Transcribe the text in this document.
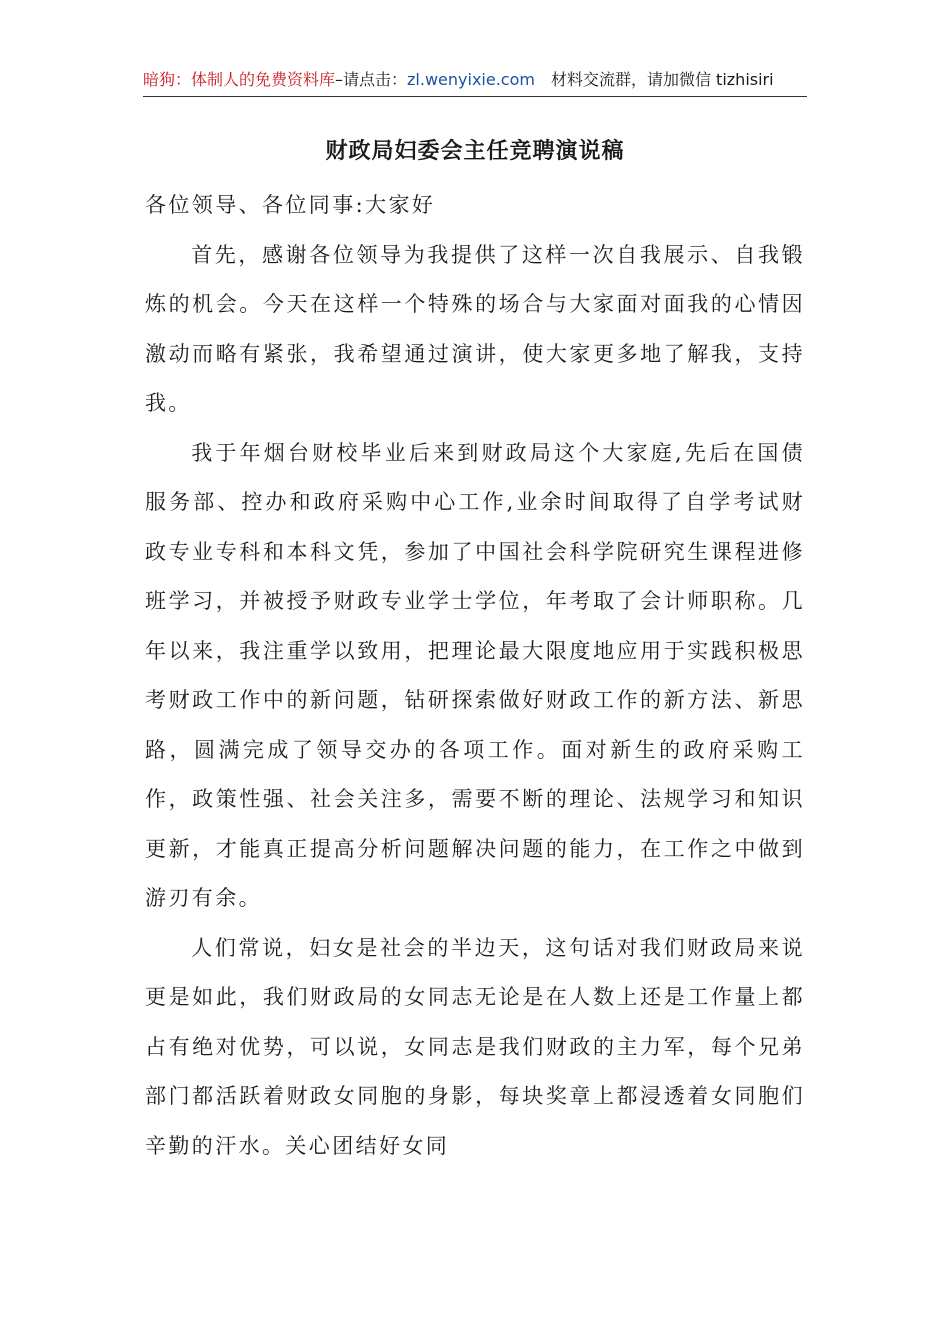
暗狗：体制人的免费资料库–请点击：zl.wenyixie.com 材料交流群，请加微信 tizhisiri
财政局妇委会主任竞聘演说稿

各位领导、各位同事:大家好

首先，感谢各位领导为我提供了这样一次自我展示、自我锻炼的机会。今天在这样一个特殊的场合与大家面对面我的心情因激动而略有紧张，我希望通过演讲，使大家更多地了解我，支持我。

我于年烟台财校毕业后来到财政局这个大家庭,先后在国债服务部、控办和政府采购中心工作,业余时间取得了自学考试财政专业专科和本科文凭，参加了中国社会科学院研究生课程进修班学习，并被授予财政专业学士学位，年考取了会计师职称。几年以来，我注重学以致用，把理论最大限度地应用于实践积极思考财政工作中的新问题，钻研探索做好财政工作的新方法、新思路，圆满完成了领导交办的各项工作。面对新生的政府采购工作，政策性强、社会关注多，需要不断的理论、法规学习和知识更新，才能真正提高分析问题解决问题的能力，在工作之中做到游刃有余。

人们常说，妇女是社会的半边天，这句话对我们财政局来说更是如此，我们财政局的女同志无论是在人数上还是工作量上都占有绝对优势，可以说，女同志是我们财政的主力军，每个兄弟部门都活跃着财政女同胞的身影，每块奖章上都浸透着女同胞们辛勤的汗水。关心团结好女同
